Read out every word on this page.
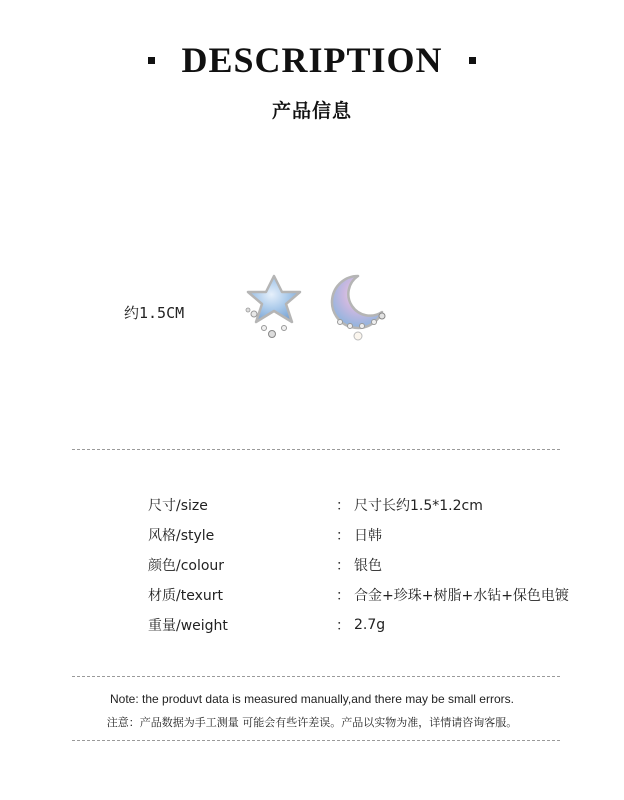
DESCRIPTION
产品信息
约1.5CM
尺寸/size	： 尺寸长约1.5*1.2cm
风格/style	： 日韩
颜色/colour	： 银色
材质/texurt	： 合金+珍珠+树脂+水钻+保色电镀
重量/weight	： 2.7g
Note: the produvt data is measured manually,and there may be small errors.
注意：产品数据为手工测量 可能会有些许差误。产品以实物为准，详情请咨询客服。
